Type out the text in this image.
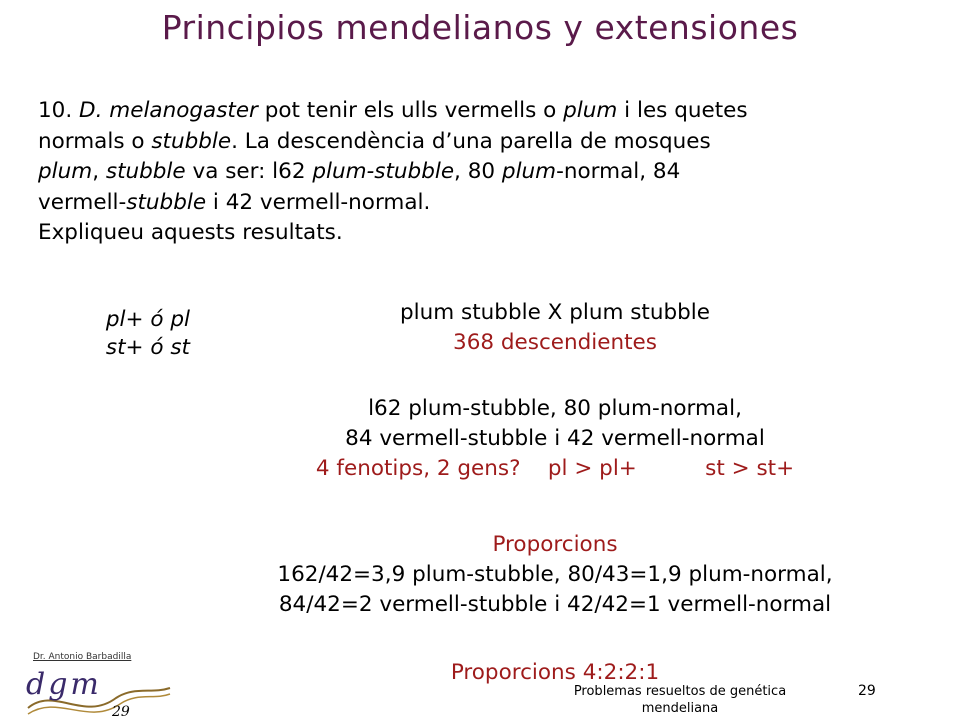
Principios mendelianos y extensiones
10. D. melanogaster pot tenir els ulls vermells o plum i les quetes
normals o stubble. La descendència d’una parella de mosques
plum, stubble va ser: l62 plum-stubble, 80 plum-normal, 84
vermell-stubble i 42 vermell-normal.
Expliqueu aquests resultats.
pl+ ó pl
st+ ó st
plum stubble X plum stubble
368 descendientes
l62 plum-stubble, 80 plum-normal,
84 vermell-stubble i 42 vermell-normal
4 fenotips, 2 gens?    pl > pl+          st > st+
Proporcions
162/42=3,9 plum-stubble, 80/43=1,9 plum-normal,
84/42=2 vermell-stubble i 42/42=1 vermell-normal
Proporcions 4:2:2:1
Dr. Antonio Barbadilla
dgm
29
Problemas resueltos de genética mendeliana
29
